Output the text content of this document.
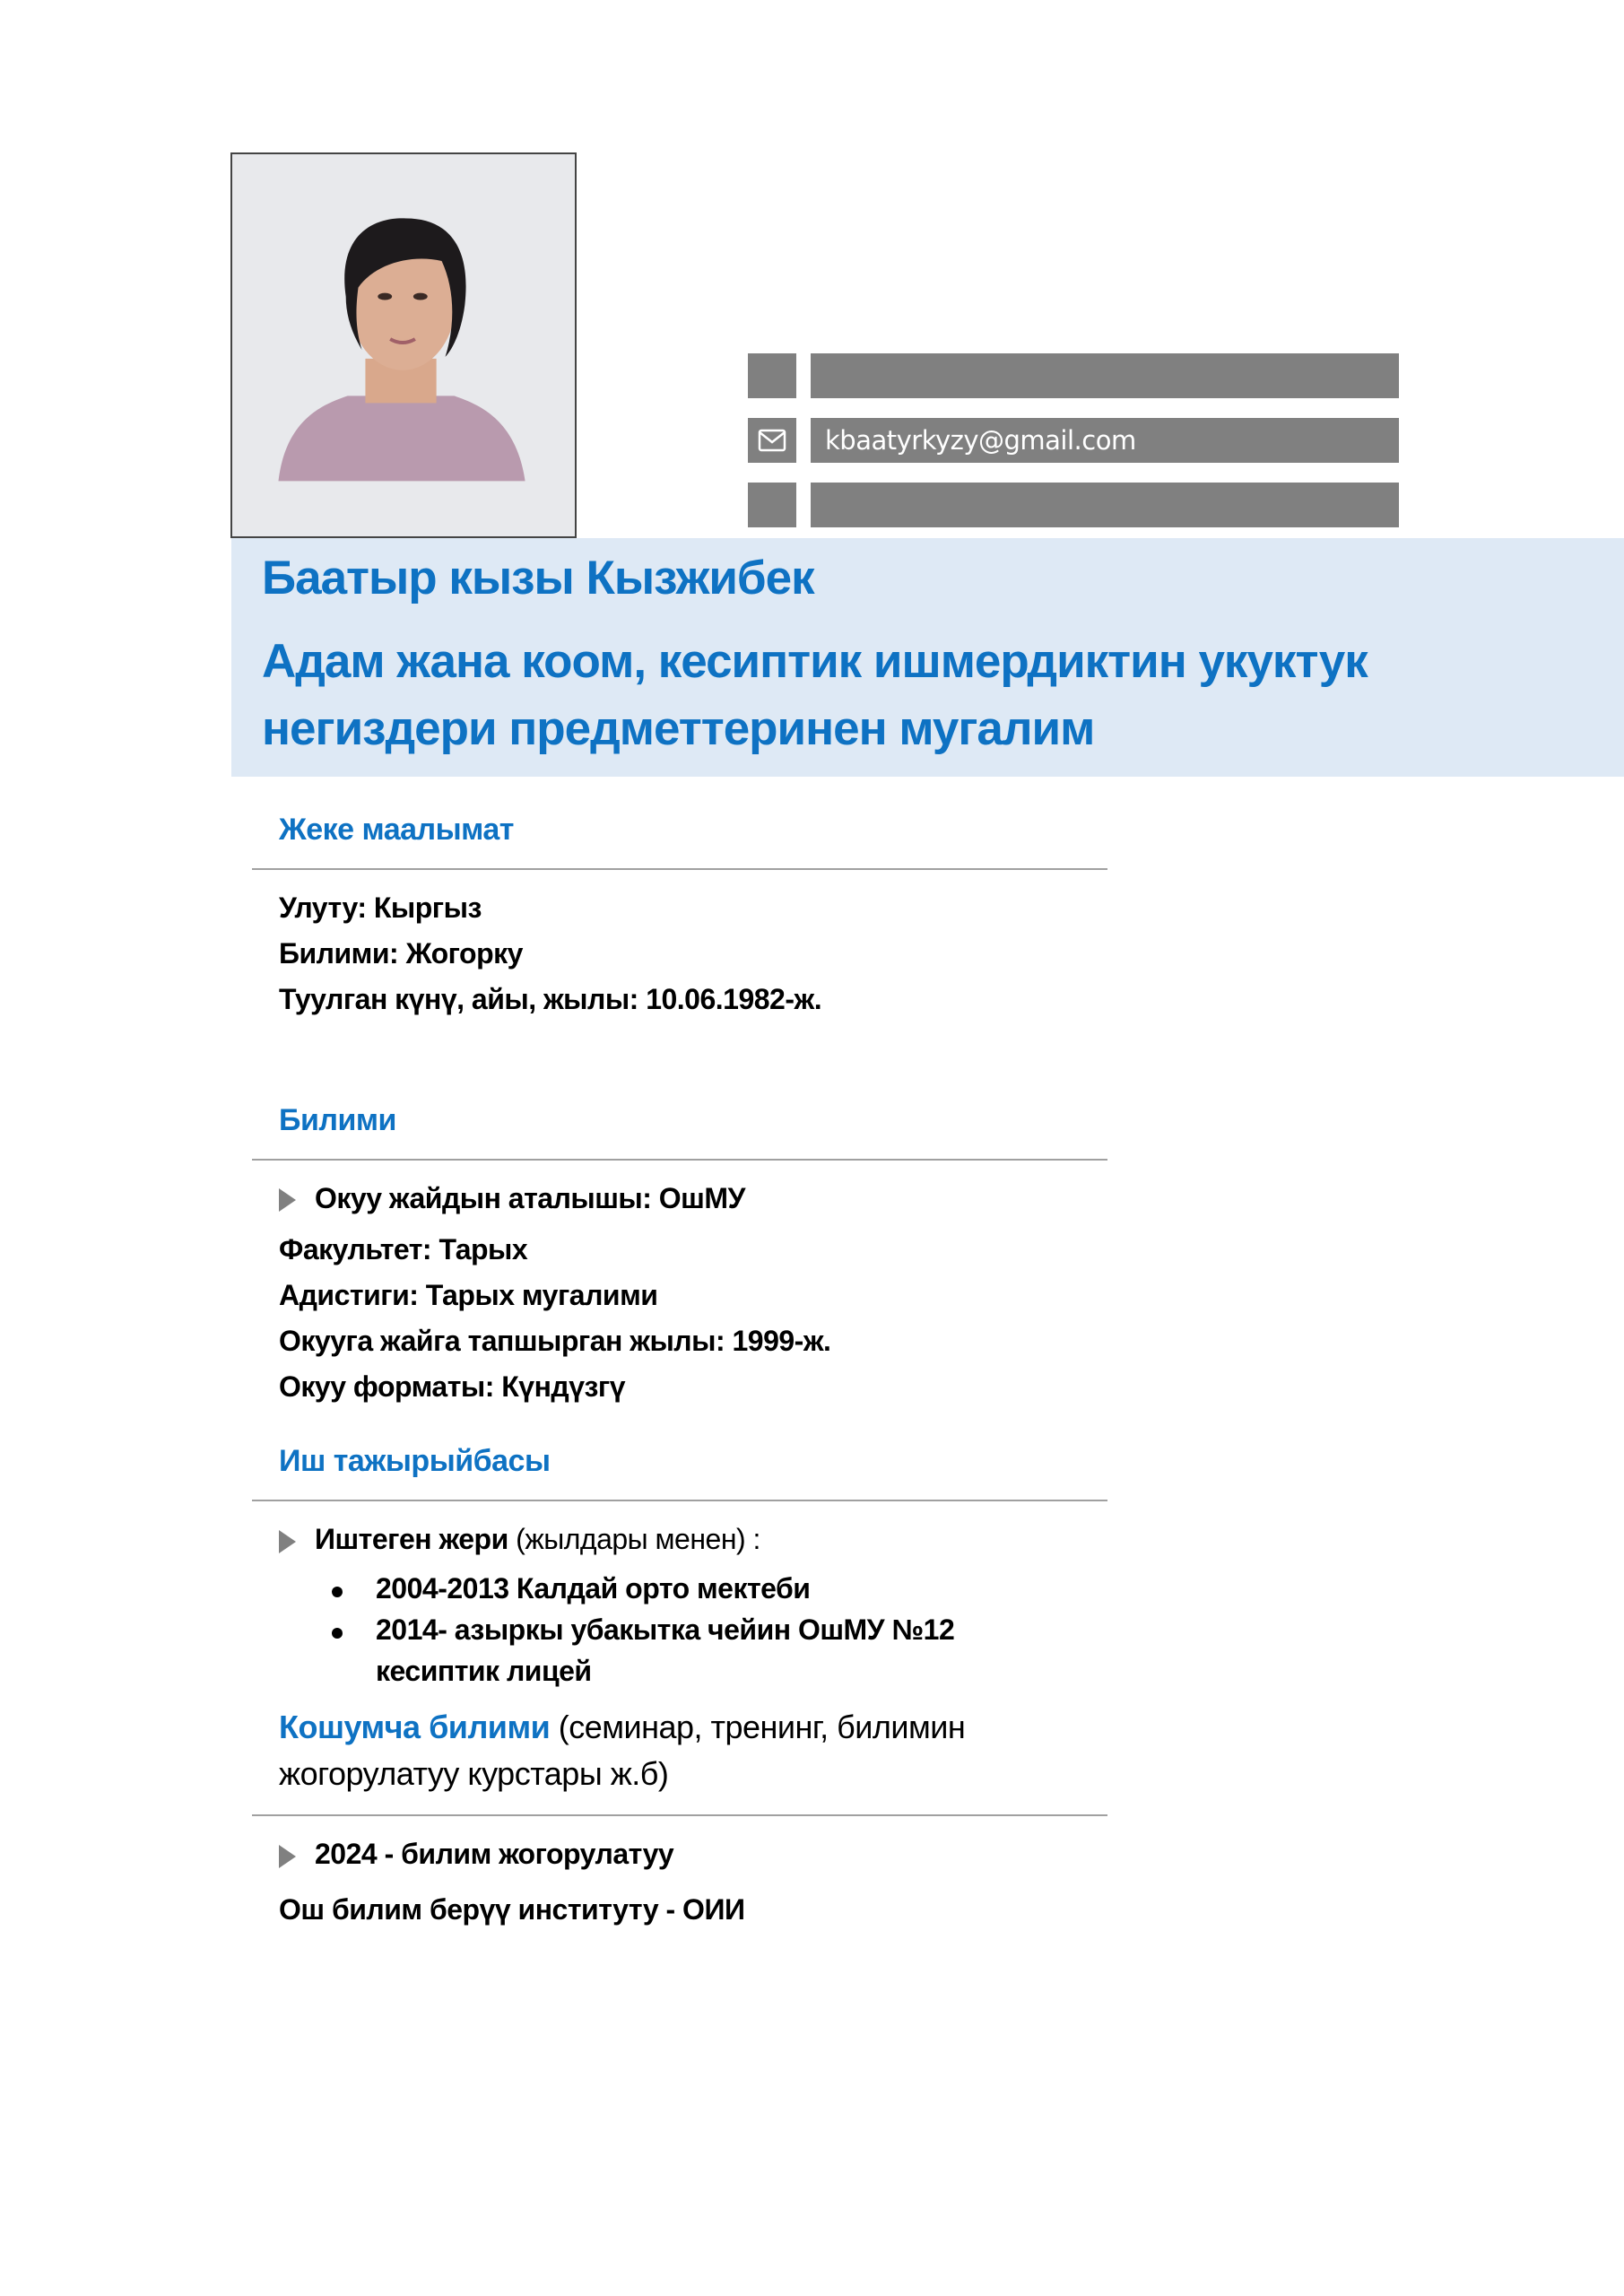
kbaatyrkyzy@gmail.com
Баатыр кызы Кызжибек
Адам жана коом, кесиптик ишмердиктин укуктук негиздери предметтеринен мугалим
Жеке маалымат
Улуту: Кыргыз
Билими: Жогорку
Туулган күнү, айы, жылы: 10.06.1982-ж.
Билими
Окуу жайдын аталышы: ОшМУ
Факультет: Тарых
Адистиги: Тарых мугалими
Окууга жайга тапшырган жылы: 1999-ж.
Окуу форматы: Күндүзгү
Иш тажырыйбасы
Иштеген жери (жылдары менен) :
2004-2013 Калдай орто мектеби
2014- азыркы убакытка чейин ОшМУ №12
кесиптик лицей
Кошумча билими (семинар, тренинг, билимин жогорулатуу курстары ж.б)
2024 - билим жогорулатуу
Ош билим берүү институту - ОИИ
